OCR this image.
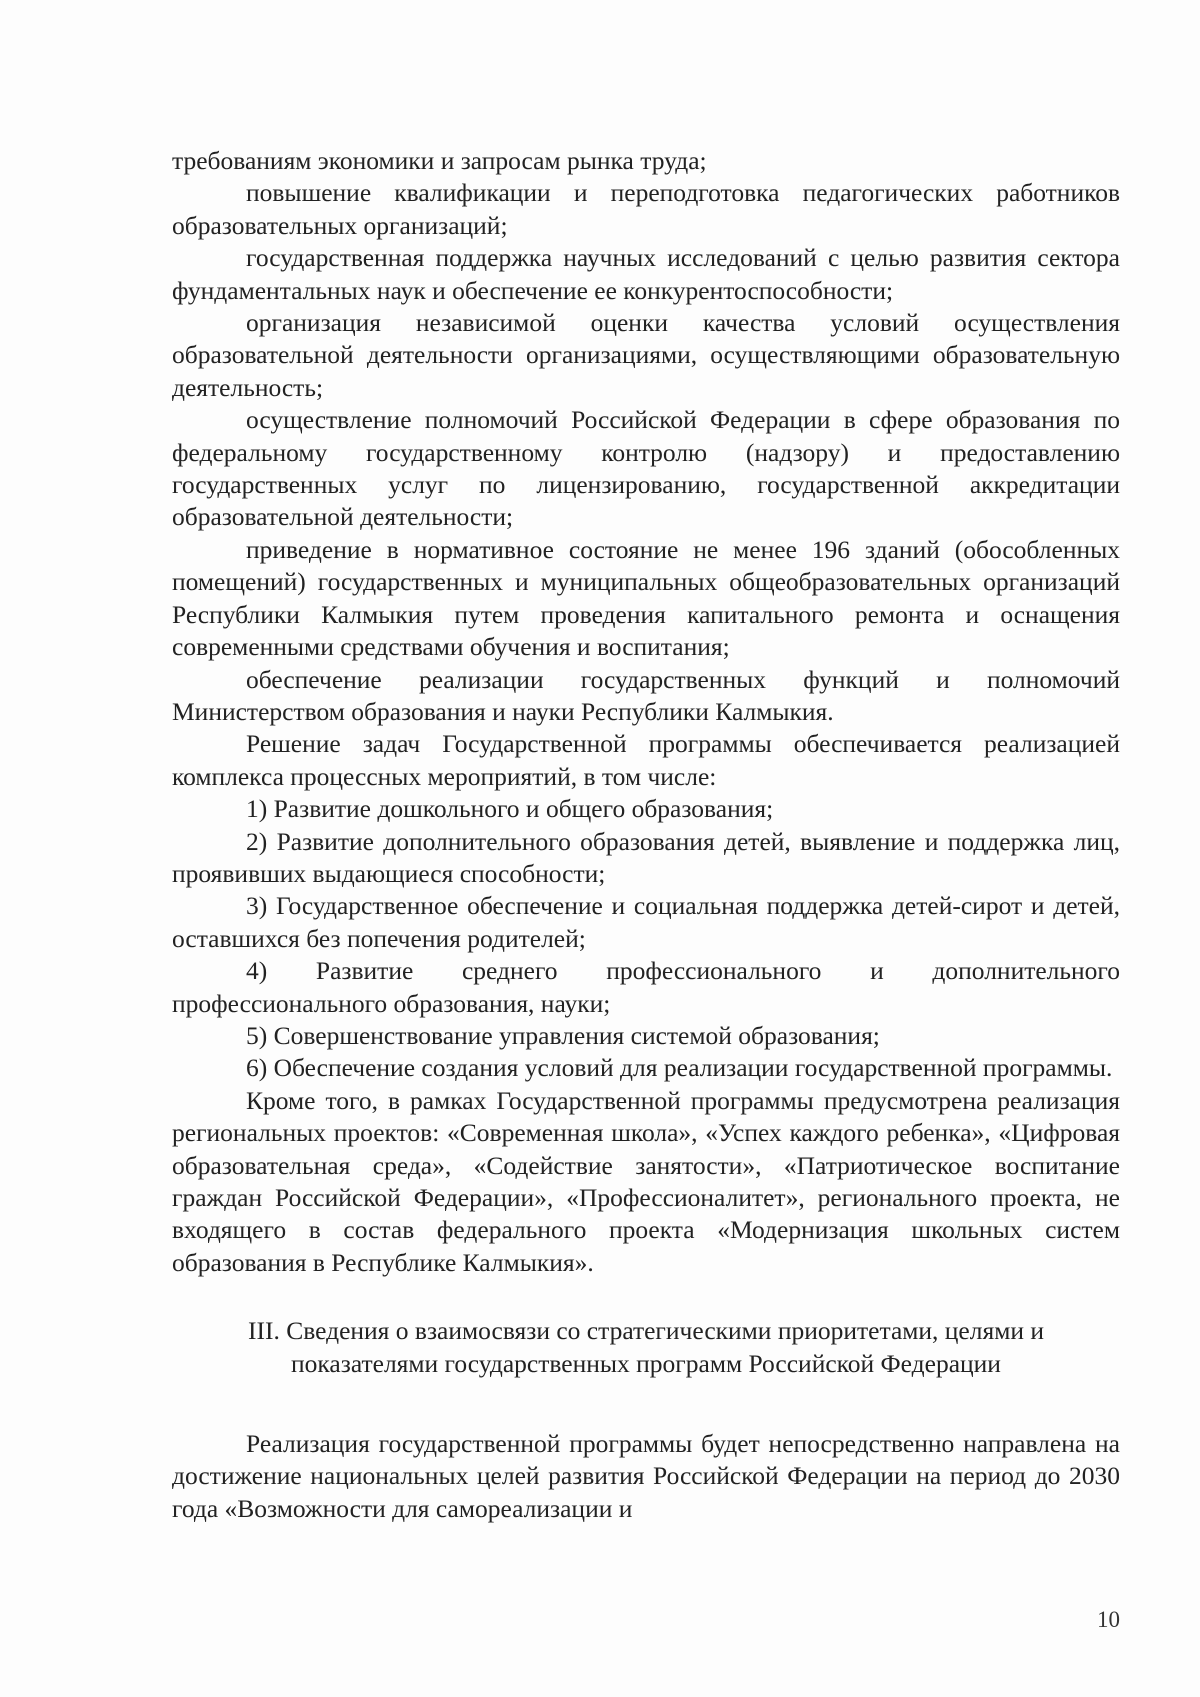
требованиям экономики и запросам рынка труда;

повышение квалификации и переподготовка педагогических работников образовательных организаций;

государственная поддержка научных исследований с целью развития сектора фундаментальных наук и обеспечение ее конкурентоспособности;

организация независимой оценки качества условий осуществления образовательной деятельности организациями, осуществляющими образовательную деятельность;

осуществление полномочий Российской Федерации в сфере образования по федеральному государственному контролю (надзору) и предоставлению государственных услуг по лицензированию, государственной аккредитации образовательной деятельности;

приведение в нормативное состояние не менее 196 зданий (обособленных помещений) государственных и муниципальных общеобразовательных организаций Республики Калмыкия путем проведения капитального ремонта и оснащения современными средствами обучения и воспитания;

обеспечение реализации государственных функций и полномочий Министерством образования и науки Республики Калмыкия.

Решение задач Государственной программы обеспечивается реализацией комплекса процессных мероприятий, в том числе:

1) Развитие дошкольного и общего образования;

2) Развитие дополнительного образования детей, выявление и поддержка лиц, проявивших выдающиеся способности;

3) Государственное обеспечение и социальная поддержка детей-сирот и детей, оставшихся без попечения родителей;

4) Развитие среднего профессионального и дополнительного профессионального образования, науки;

5) Совершенствование управления системой образования;

6) Обеспечение создания условий для реализации государственной программы.

Кроме того, в рамках Государственной программы предусмотрена реализация региональных проектов: «Современная школа», «Успех каждого ребенка», «Цифровая образовательная среда», «Содействие занятости», «Патриотическое воспитание граждан Российской Федерации», «Профессионалитет», регионального проекта, не входящего в состав федерального проекта «Модернизация школьных систем образования в Республике Калмыкия».

III. Сведения о взаимосвязи со стратегическими приоритетами, целями и показателями государственных программ Российской Федерации

Реализация государственной программы будет непосредственно направлена на достижение национальных целей развития Российской Федерации на период до 2030 года «Возможности для самореализации и

10
